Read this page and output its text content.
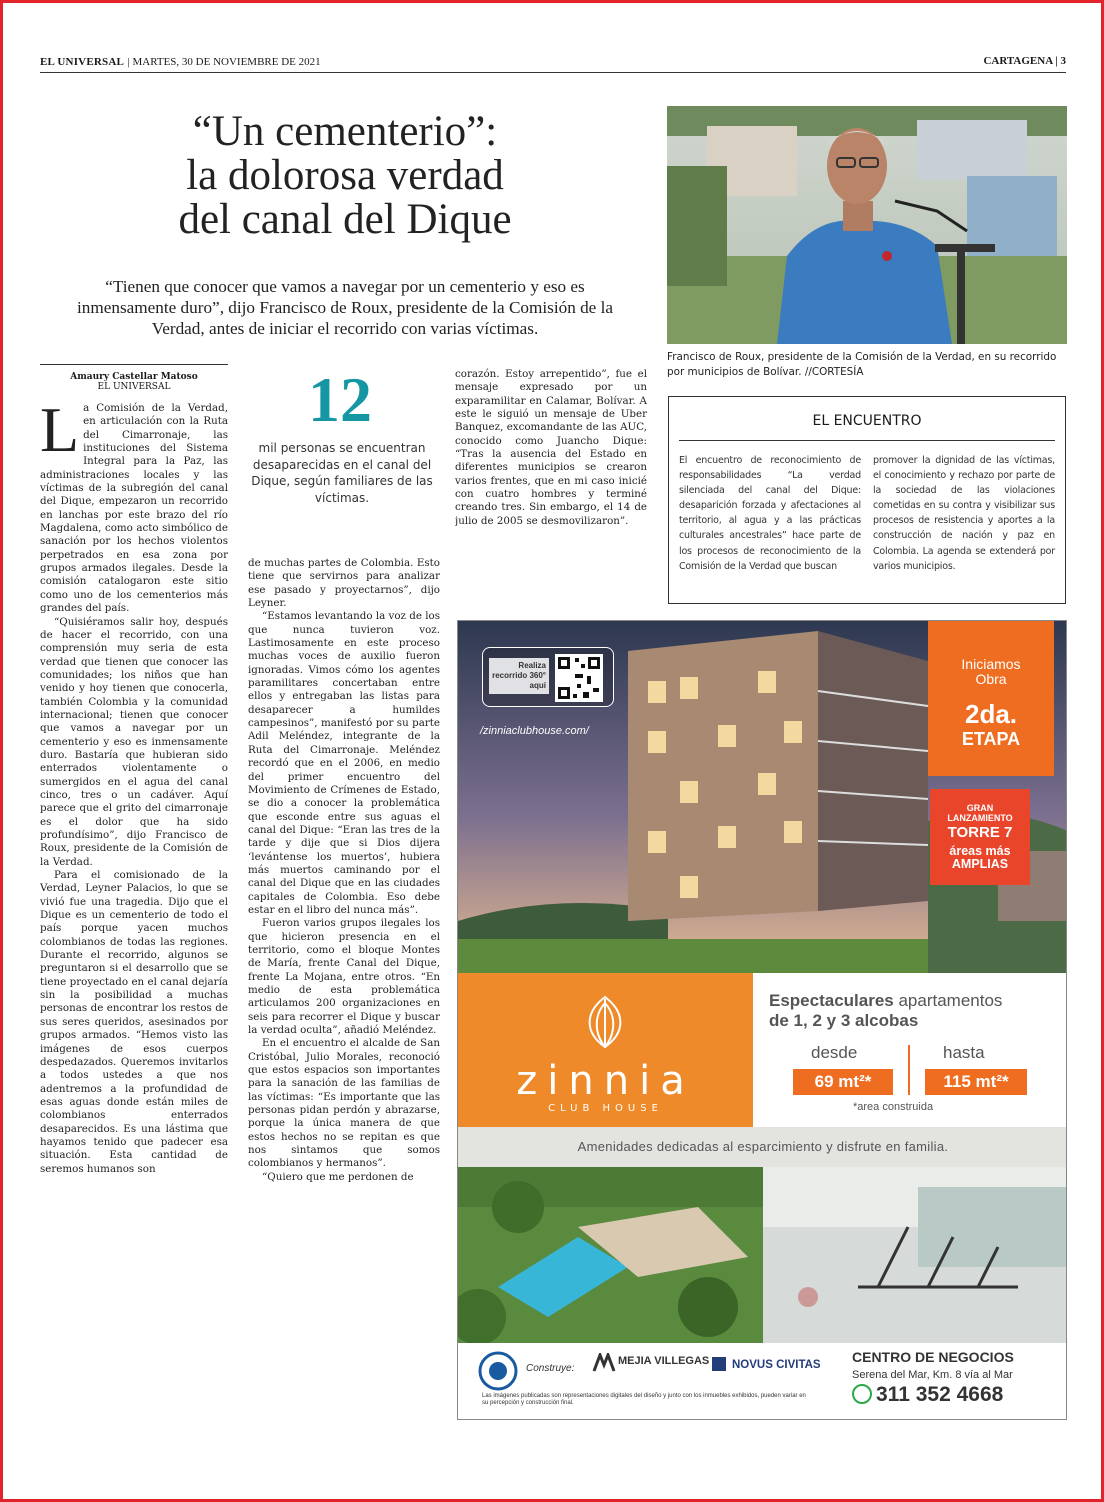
EL UNIVERSAL | MARTES, 30 DE NOVIEMBRE DE 2021	CARTAGENA | 3
“Un cementerio”:
la dolorosa verdad
del canal del Dique
“Tienen que conocer que vamos a navegar por un cementerio y eso es inmensamente duro”, dijo Francisco de Roux, presidente de la Comisión de la Verdad, antes de iniciar el recorrido con varias víctimas.
Francisco de Roux, presidente de la Comisión de la Verdad, en su recorrido por municipios de Bolívar. //CORTESÍA
Amaury Castellar Matoso
EL UNIVERSAL

La Comisión de la Verdad, en articulación con la Ruta del Cimarronaje, las instituciones del Sistema Integral para la Paz, las administraciones locales y las víctimas de la subregión del canal del Dique, empezaron un recorrido en lanchas por este brazo del río Magdalena, como acto simbólico de sanación por los hechos violentos perpetrados en esa zona por grupos armados ilegales. Desde la comisión catalogaron este sitio como uno de los cementerios más grandes del país.

“Quisiéramos salir hoy, después de hacer el recorrido, con una comprensión muy seria de esta verdad que tienen que conocer las comunidades; los niños que han venido y hoy tienen que conocerla, también Colombia y la comunidad internacional; tienen que conocer que vamos a navegar por un cementerio y eso es inmensamente duro. Bastaría que hubieran sido enterrados violentamente o sumergidos en el agua del canal cinco, tres o un cadáver. Aquí parece que el grito del cimarronaje es el dolor que ha sido profundísimo”, dijo Francisco de Roux, presidente de la Comisión de la Verdad.

Para el comisionado de la Verdad, Leyner Palacios, lo que se vivió fue una tragedia. Dijo que el Dique es un cementerio de todo el país porque yacen muchos colombianos de todas las regiones. Durante el recorrido, algunos se preguntaron si el desarrollo que se tiene proyectado en el canal dejaría sin la posibilidad a muchas personas de encontrar los restos de sus seres queridos, asesinados por grupos armados. “Hemos visto las imágenes de esos cuerpos despedazados. Queremos invitarlos a todos ustedes a que nos adentremos a la profundidad de esas aguas donde están miles de colombianos enterrados desaparecidos. Es una lástima que hayamos tenido que padecer esa situación. Esta cantidad de seremos humanos son

12
mil personas se encuentran desaparecidas en el canal del Dique, según familiares de las víctimas.

de muchas partes de Colombia. Esto tiene que servirnos para analizar ese pasado y proyectarnos”, dijo Leyner.

“Estamos levantando la voz de los que nunca tuvieron voz. Lastimosamente en este proceso muchas voces de auxilio fueron ignoradas. Vimos cómo los agentes paramilitares concertaban entre ellos y entregaban las listas para desaparecer a humildes campesinos”, manifestó por su parte Adil Meléndez, integrante de la Ruta del Cimarronaje. Meléndez recordó que en el 2006, en medio del primer encuentro del Movimiento de Crímenes de Estado, se dio a conocer la problemática que esconde entre sus aguas el canal del Dique: “Eran las tres de la tarde y dije que si Dios dijera ‘levántense los muertos’, hubiera más muertos caminando por el canal del Dique que en las ciudades capitales de Colombia. Eso debe estar en el libro del nunca más”.

Fueron varios grupos ilegales los que hicieron presencia en el territorio, como el bloque Montes de María, frente Canal del Dique, frente La Mojana, entre otros. “En medio de esta problemática articulamos 200 organizaciones en seis para recorrer el Dique y buscar la verdad oculta”, añadió Meléndez.

En el encuentro el alcalde de San Cristóbal, Julio Morales, reconoció que estos espacios son importantes para la sanación de las familias de las víctimas: “Es importante que las personas pidan perdón y abrazarse, porque la única manera de que estos hechos no se repitan es que nos sintamos que somos colombianos y hermanos”.

“Quiero que me perdonen de

corazón. Estoy arrepentido”, fue el mensaje expresado por un exparamilitar en Calamar, Bolívar. A este le siguió un mensaje de Uber Banquez, excomandante de las AUC, conocido como Juancho Dique: “Tras la ausencia del Estado en diferentes municipios se crearon varios frentes, que en mi caso inicié con cuatro hombres y terminé creando tres. Sin embargo, el 14 de julio de 2005 se desmovilizaron”.

EL ENCUENTRO
El encuentro de reconocimiento de responsabilidades “La verdad silenciada del canal del Dique: desaparición forzada y afectaciones al territorio, al agua y a las prácticas culturales ancestrales” hace parte de los procesos de reconocimiento de la Comisión de la Verdad que buscan
promover la dignidad de las víctimas, el conocimiento y rechazo por parte de la sociedad de las violaciones cometidas en su contra y visibilizar sus procesos de resistencia y aportes a la construcción de nación y paz en Colombia. La agenda se extenderá por varios municipios.
Realiza recorrido 360° aquí
/zinniaclubhouse.com/
Iniciamos
Obra
2da.
ETAPA
GRAN
LANZAMIENTO
TORRE 7
áreas más
AMPLIAS
zinnia
CLUB HOUSE
Espectaculares apartamentos
de 1, 2 y 3 alcobas
desde	hasta
69 mt²*	115 mt²*
*area construida
Amenidades dedicadas al esparcimiento y disfrute en familia.
Construye:
MEJIA VILLEGAS NOVUS CIVITAS
Las imágenes publicadas son representaciones digitales del diseño y junto con los inmuebles exhibidos, pueden variar en su percepción y construcción final.
CENTRO DE NEGOCIOS
Serena del Mar, Km. 8 vía al Mar
311 352 4668
